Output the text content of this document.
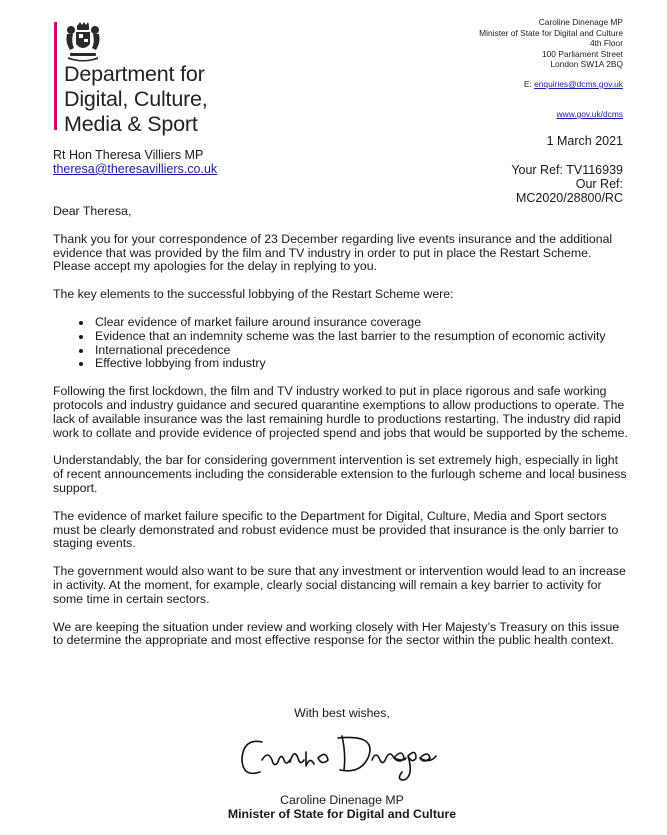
Department for
Digital, Culture,
Media & Sport
Caroline Dinenage MP
Minister of State for Digital and Culture
4th Floor
100 Parliament Street
London SW1A 2BQ
E: enquiries@dcms.gov.uk
www.gov.uk/dcms
1 March 2021
Rt Hon Theresa Villiers MP
theresa@theresavilliers.co.uk	Your Ref: TV116939
Our Ref:
MC2020/28800/RC

Dear Theresa,

Thank you for your correspondence of 23 December regarding live events insurance and the additional evidence that was provided by the film and TV industry in order to put in place the Restart Scheme. Please accept my apologies for the delay in replying to you.

The key elements to the successful lobbying of the Restart Scheme were:

• Clear evidence of market failure around insurance coverage
• Evidence that an indemnity scheme was the last barrier to the resumption of economic activity
• International precedence
• Effective lobbying from industry

Following the first lockdown, the film and TV industry worked to put in place rigorous and safe working protocols and industry guidance and secured quarantine exemptions to allow productions to operate. The lack of available insurance was the last remaining hurdle to productions restarting. The industry did rapid work to collate and provide evidence of projected spend and jobs that would be supported by the scheme.

Understandably, the bar for considering government intervention is set extremely high, especially in light of recent announcements including the considerable extension to the furlough scheme and local business support.

The evidence of market failure specific to the Department for Digital, Culture, Media and Sport sectors must be clearly demonstrated and robust evidence must be provided that insurance is the only barrier to staging events.

The government would also want to be sure that any investment or intervention would lead to an increase in activity. At the moment, for example, clearly social distancing will remain a key barrier to activity for some time in certain sectors.

We are keeping the situation under review and working closely with Her Majesty’s Treasury on this issue to determine the appropriate and most effective response for the sector within the public health context.

With best wishes,
Caroline Dinenage MP
Minister of State for Digital and Culture
